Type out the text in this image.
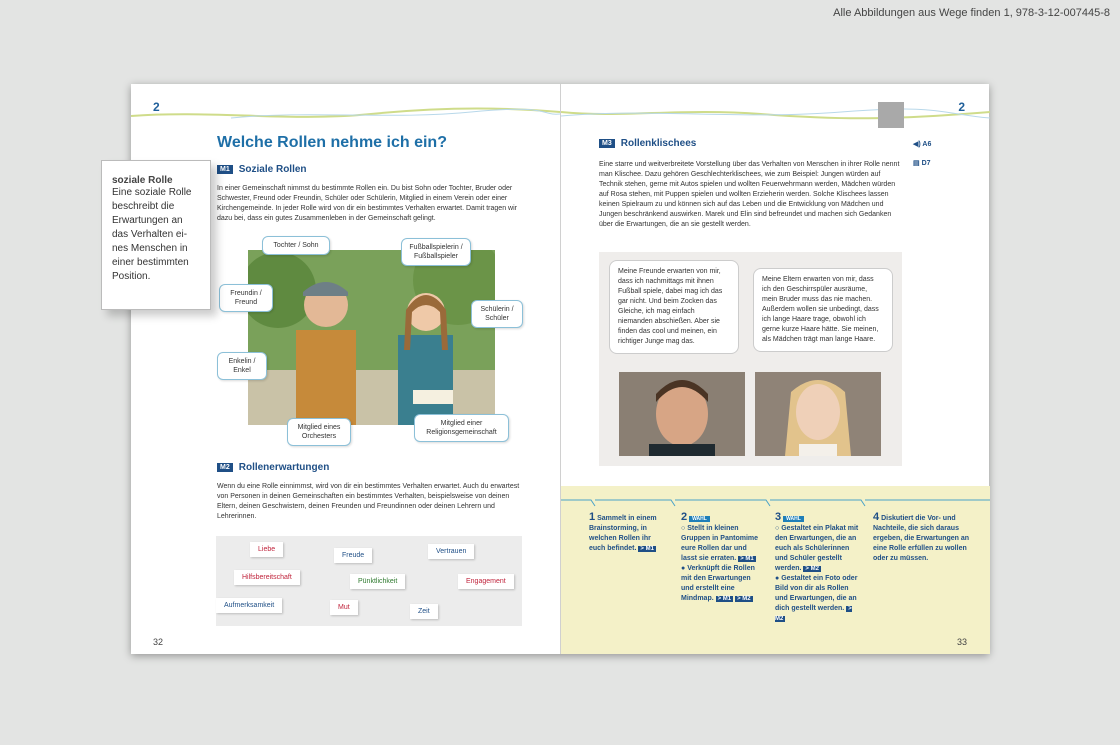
Alle Abbildungen aus Wege finden 1, 978-3-12-007445-8
2
Welche Rollen nehme ich ein?
M1 Soziale Rollen
In einer Gemeinschaft nimmst du bestimmte Rollen ein. Du bist Sohn oder Tochter, Bruder oder Schwester, Freund oder Freundin, Schüler oder Schülerin, Mitglied in einem Verein oder einer Kirchengemeinde. In jeder Rolle wird von dir ein bestimmtes Verhalten erwartet. Damit tragen wir dazu bei, dass ein gutes Zusammenleben in der Gemeinschaft gelingt.
Tochter / Sohn	Fußballspielerin / Fußballspieler
Freundin / Freund
Schülerin / Schüler
Enkelin / Enkel
Mitglied eines Orchesters
Mitglied einer Religionsgemeinschaft
M2 Rollenerwartungen
Wenn du eine Rolle einnimmst, wird von dir ein bestimmtes Verhalten erwartet. Auch du erwartest von Personen in deinen Gemeinschaften ein bestimmtes Verhalten, beispielsweise von deinen Eltern, deinen Geschwistern, deinen Freunden und Freundinnen oder deinen Lehrern und Lehrerinnen.
Liebe
Freude
Vertrauen
Hilfsbereitschaft
Pünktlichkeit	Engagement
Aufmerksamkeit	Mut
Zeit
32
2
M3 Rollenklischees
Eine starre und weitverbreitete Vorstellung über das Verhalten von Menschen in ihrer Rolle nennt man Klischee. Dazu gehören Geschlechterklischees, wie zum Beispiel: Jungen würden auf Technik stehen, gerne mit Autos spielen und wollten Feuerwehrmann werden, Mädchen würden auf Rosa stehen, mit Puppen spielen und wollten Erzieherin werden. Solche Klischees lassen keinen Spielraum zu und können sich auf das Leben und die Entwicklung von Mädchen und Jungen beschränkend auswirken. Marek und Elin sind befreundet und machen sich Gedanken über die Erwartungen, die an sie gestellt werden.
◀) A6
▤ D7
Meine Freunde erwarten von mir, dass ich nachmittags mit ihnen Fußball spiele, dabei mag ich das gar nicht. Und beim Zocken das Gleiche, ich mag einfach niemanden abschießen. Aber sie finden das cool und meinen, ein richtiger Junge mag das.
Meine Eltern erwarten von mir, dass ich den Geschirrspüler ausräume, mein Bruder muss das nie machen. Außerdem wollen sie unbedingt, dass ich lange Haare trage, obwohl ich gerne kurze Haare hätte. Sie meinen, als Mädchen trägt man lange Haare.
1 Sammelt in einem Brainstorming, in welchen Rollen ihr euch befindet. > M1
2 WAHL
○ Stellt in kleinen Gruppen in Pantomime eure Rollen dar und lasst sie erraten. > M1
● Verknüpft die Rollen mit den Erwartungen und erstellt eine Mindmap. > M1 > M2
3 WAHL
○ Gestaltet ein Plakat mit den Erwartungen, die an euch als Schülerinnen und Schüler gestellt werden. > M2
● Gestaltet ein Foto oder Bild von dir als Rollen und Erwartungen, die an dich gestellt werden. > M2
4 Diskutiert die Vor- und Nachteile, die sich daraus ergeben, die Erwartungen an eine Rolle erfüllen zu wollen oder zu müssen.
33
soziale Rolle
Eine soziale Rolle beschreibt die Erwartungen an das Verhalten ei-nes Menschen in einer bestimmten Position.
